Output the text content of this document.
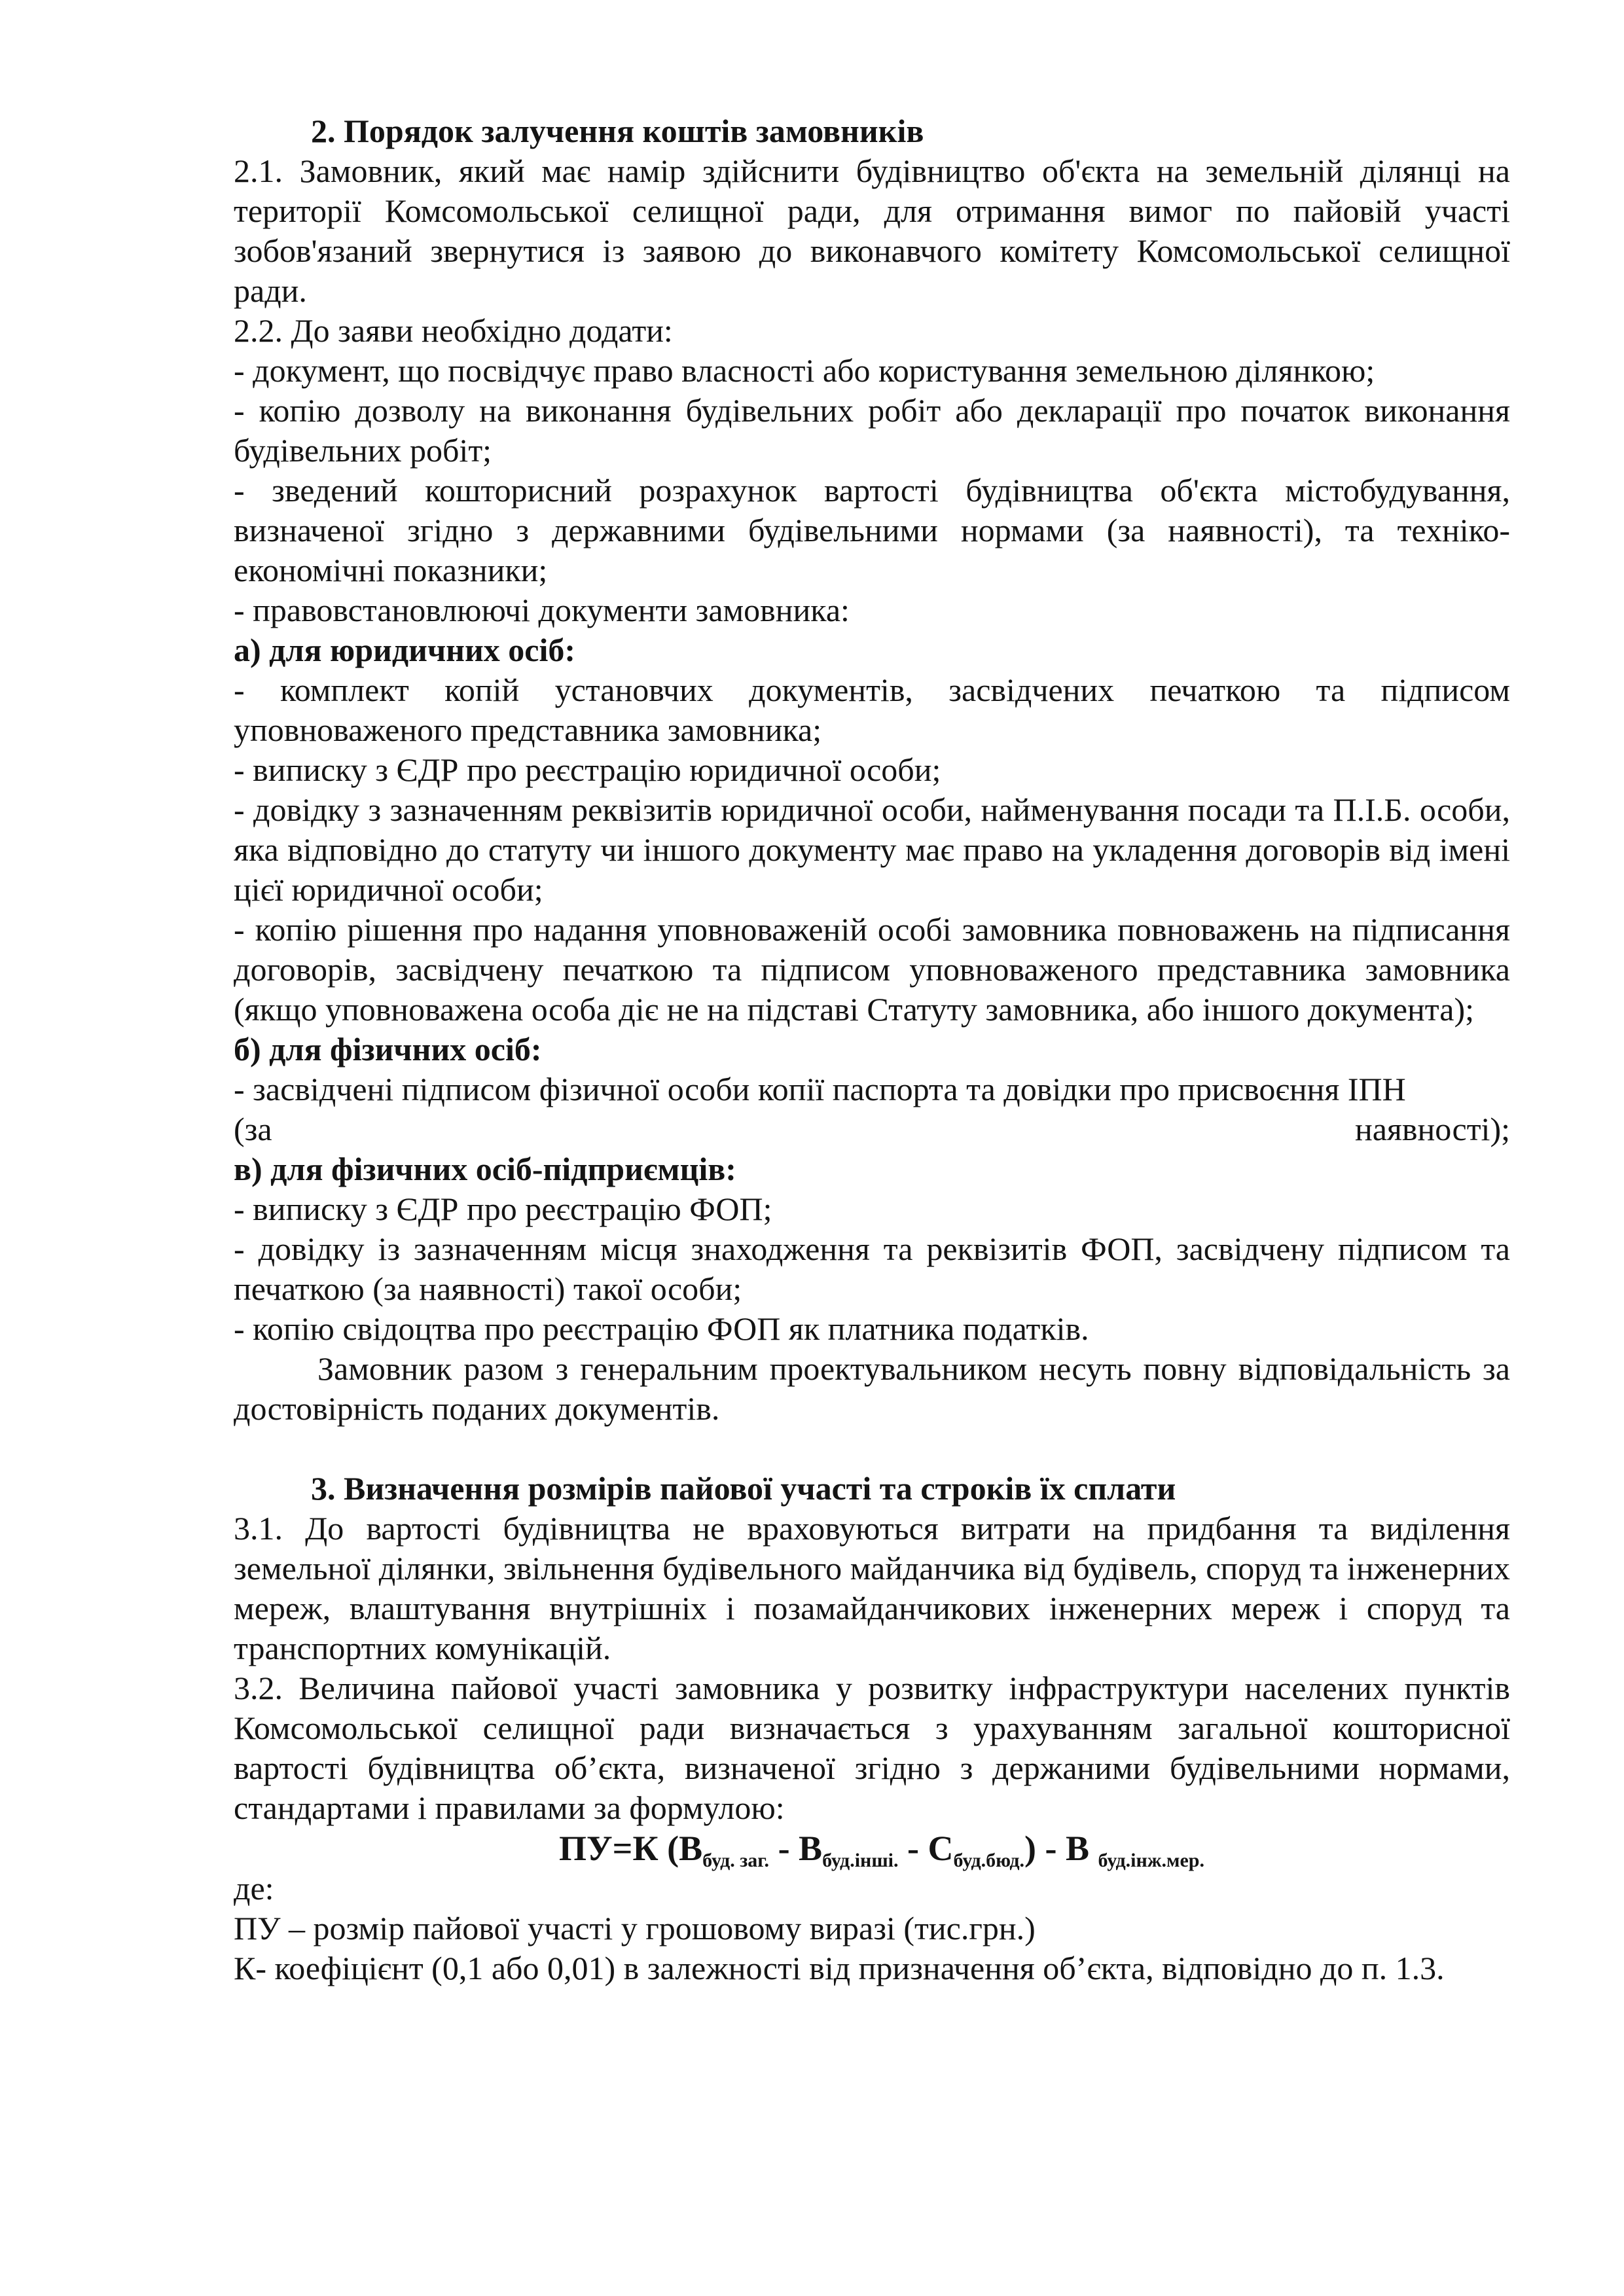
2. Порядок залучення коштів замовників

2.1. Замовник, який має намір здійснити будівництво об'єкта на земельній ділянці на території Комсомольської селищної ради, для отримання вимог по пайовій участі зобов'язаний звернутися із заявою до виконавчого комітету Комсомольської селищної ради.

2.2. До заяви необхідно додати:

- документ, що посвідчує право власності або користування земельною ділянкою;

- копію дозволу на виконання будівельних робіт або декларації про початок виконання будівельних робіт;

- зведений кошторисний розрахунок вартості будівництва об'єкта містобудування, визначеної згідно з державними будівельними нормами (за наявності), та техніко-економічні показники;

- правовстановлюючі документи замовника:

а) для юридичних осіб:

- комплект копій установчих документів, засвідчених печаткою та підписом уповноваженого представника замовника;

- виписку з ЄДР про реєстрацію юридичної особи;

- довідку з зазначенням реквізитів юридичної особи, найменування посади та П.І.Б. особи, яка відповідно до статуту чи іншого документу має право на укладення договорів від імені цієї юридичної особи;

- копію рішення про надання уповноваженій особі замовника повноважень на підписання договорів, засвідчену печаткою та підписом уповноваженого представника замовника (якщо уповноважена особа діє не на підставі Статуту замовника, або іншого документа);

б) для фізичних осіб:

- засвідчені підписом фізичної особи копії паспорта та довідки про присвоєння ІПН

(за	наявності);

в) для фізичних осіб-підприємців:

- виписку з ЄДР про реєстрацію ФОП;

- довідку із зазначенням місця знаходження та реквізитів ФОП, засвідчену підписом та печаткою (за наявності) такої особи;

- копію свідоцтва про реєстрацію ФОП як платника податків.

Замовник разом з генеральним проектувальником несуть повну відповідальність за достовірність поданих документів.

3. Визначення розмірів пайової участі та строків їх сплати

3.1. До вартості будівництва не враховуються витрати на придбання та виділення земельної ділянки, звільнення будівельного майданчика від будівель, споруд та інженерних мереж, влаштування внутрішніх і позамайданчикових інженерних мереж і споруд та транспортних комунікацій.

3.2. Величина пайової участі замовника у розвитку інфраструктури населених пунктів Комсомольської селищної ради визначається з урахуванням загальної кошторисної вартості будівництва об’єкта, визначеної згідно з держаними будівельними нормами, стандартами і правилами за формулою:

ПУ=К $(В_{буд. заг.} - В_{буд.інші.} - С_{буд.бюд.})$ - В $_{буд.інж.мер.}$

де:

ПУ – розмір пайової участі у грошовому виразі (тис.грн.)

К- коефіцієнт (0,1 або 0,01) в залежності від призначення об’єкта, відповідно до п. 1.3.
